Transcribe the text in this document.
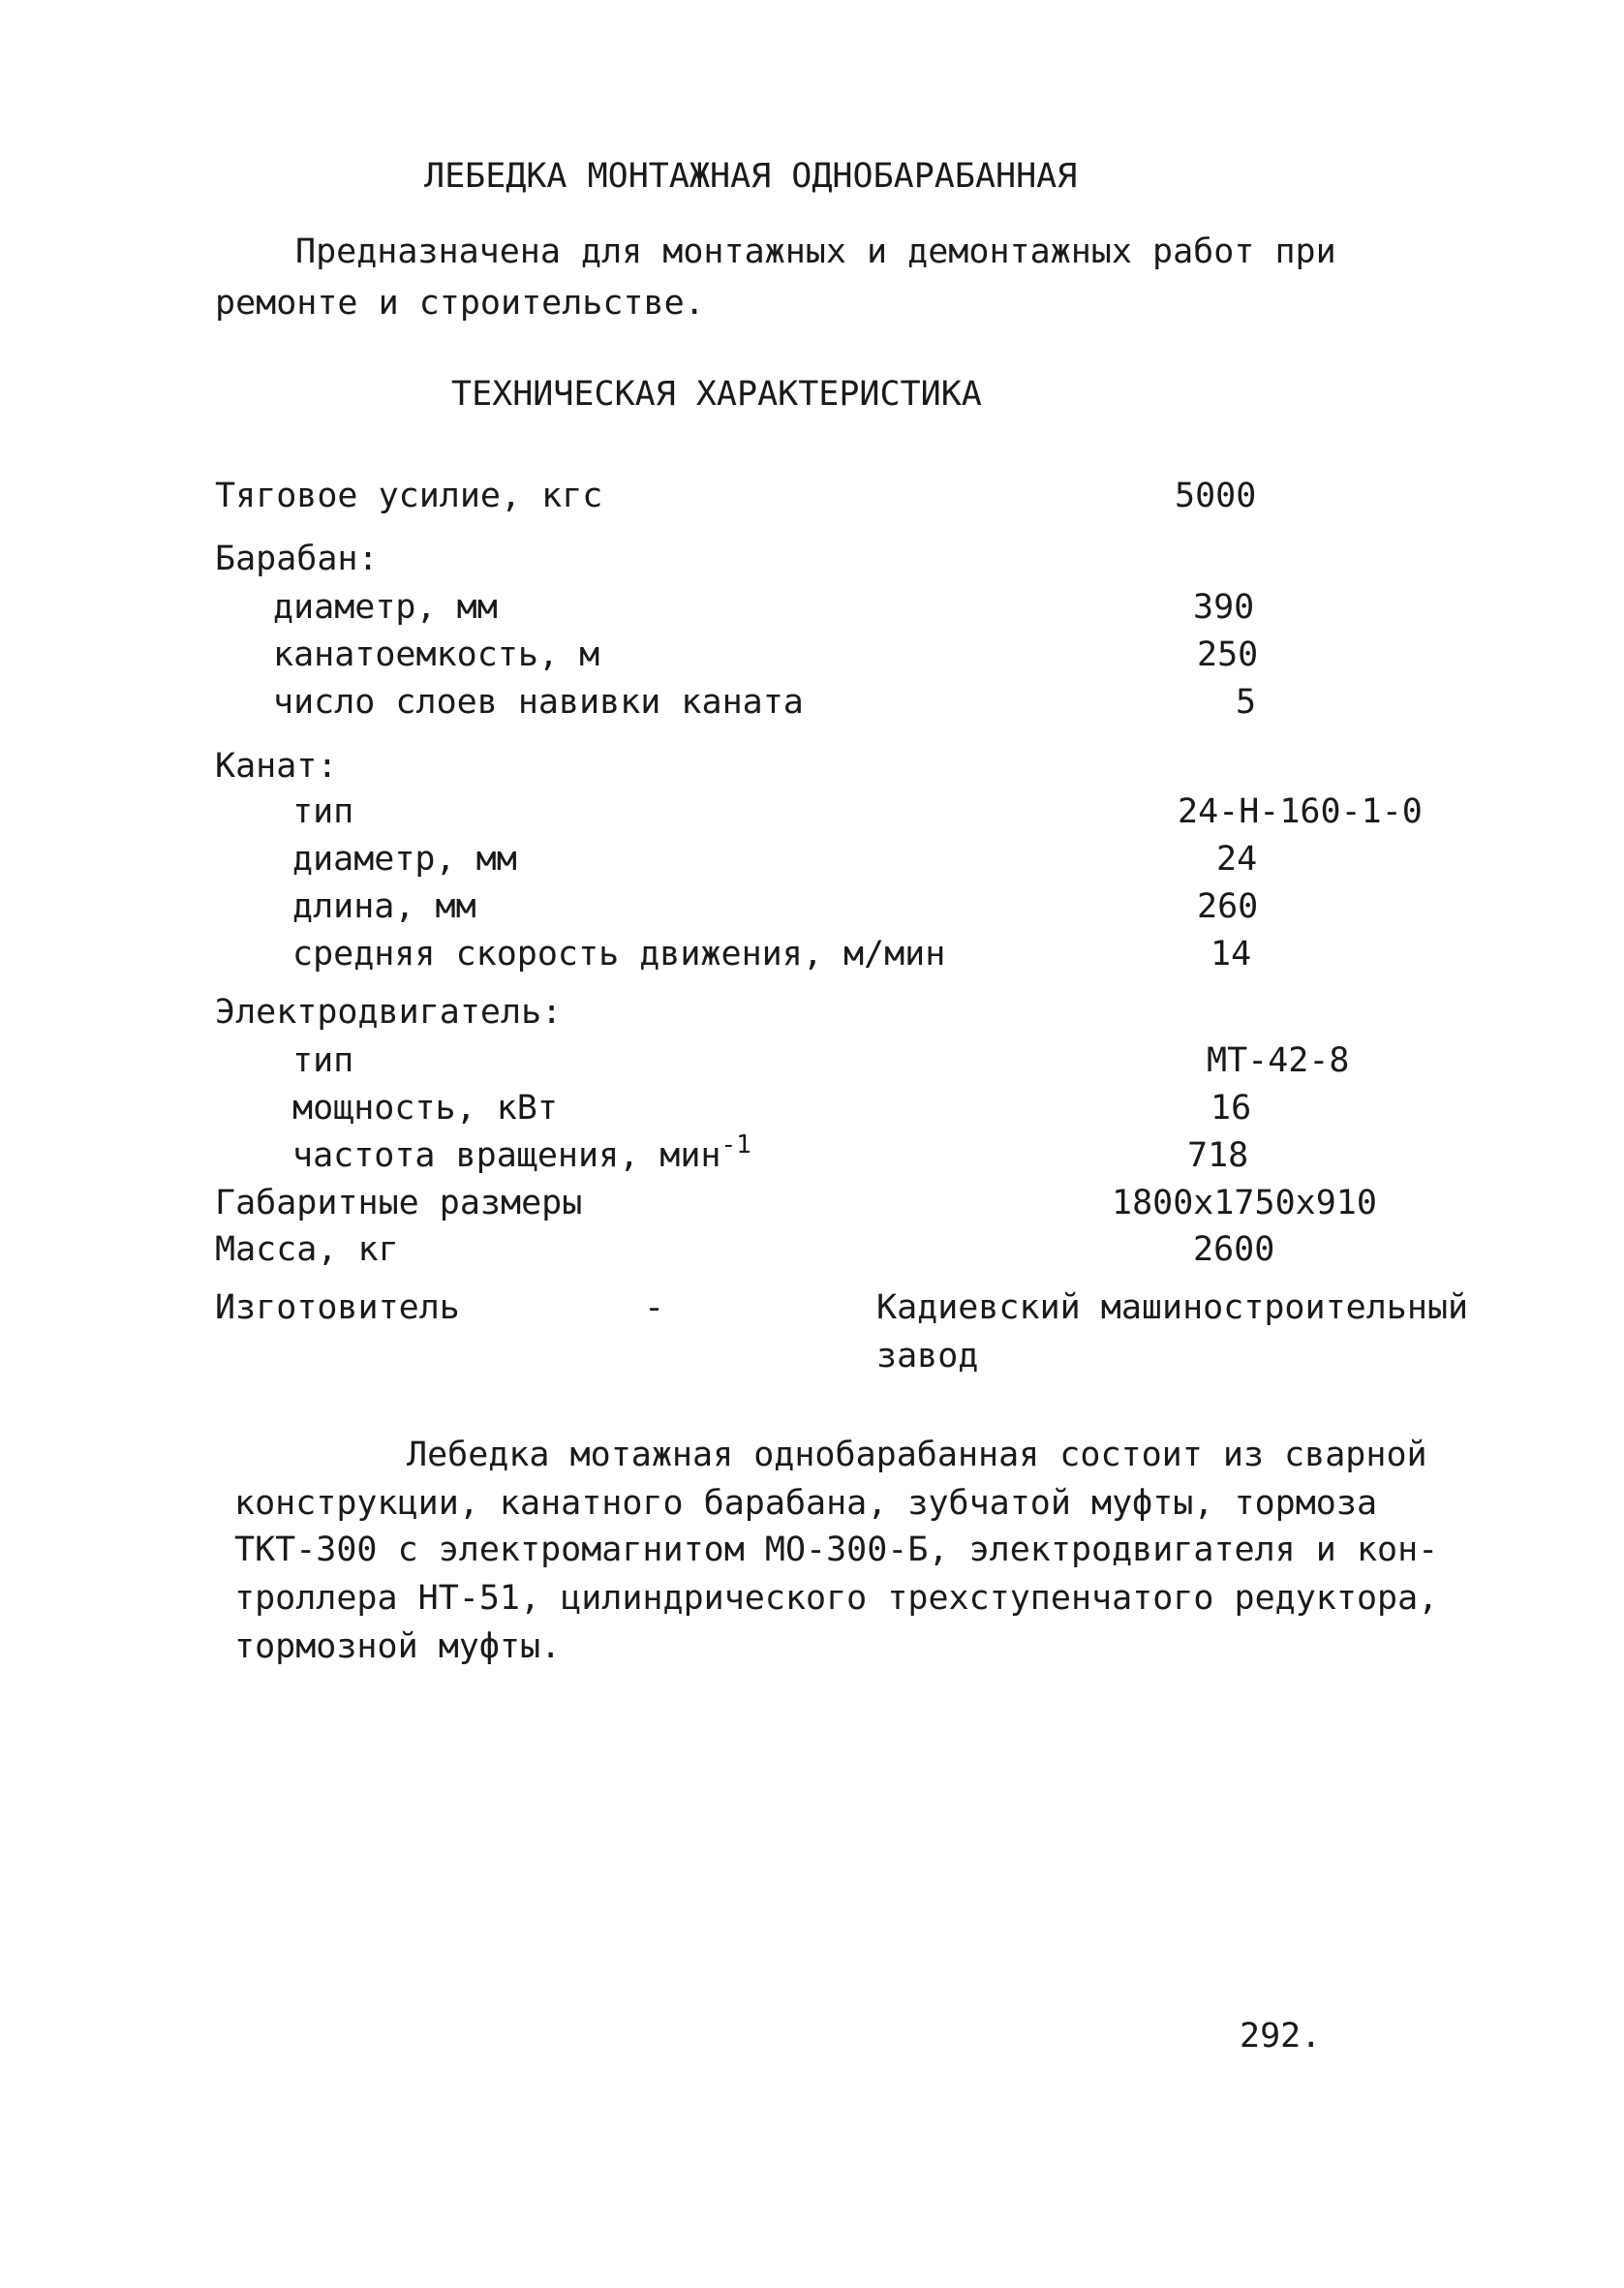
ЛЕБЕДКА МОНТАЖНАЯ ОДНОБАРАБАННАЯ
Предназначена для монтажных и демонтажных работ при
ремонте и строительстве.
ТЕХНИЧЕСКАЯ ХАРАКТЕРИСТИКА
Тяговое усилие, кгс	5000
Барабан:
диаметр, мм	390
канатоемкость, м	250
число слоев навивки каната	5
Канат:
тип	24-Н-160-1-0
диаметр, мм	24
длина, мм	260
средняя скорость движения, м/мин	14
Электродвигатель:
тип	МТ-42-8
мощность, кВт	16
частота вращения, мин$^{-1}$	718
Габаритные размеры	1800х1750х910
Масса, кг	2600
Изготовитель	-	Кадиевский машиностроительный
завод
Лебедка мотажная однобарабанная состоит из сварной
конструкции, канатного барабана, зубчатой муфты, тормоза
ТКТ-300 с электромагнитом МО-300-Б, электродвигателя и кон-
троллера НТ-51, цилиндрического трехступенчатого редуктора,
тормозной муфты.
292.
